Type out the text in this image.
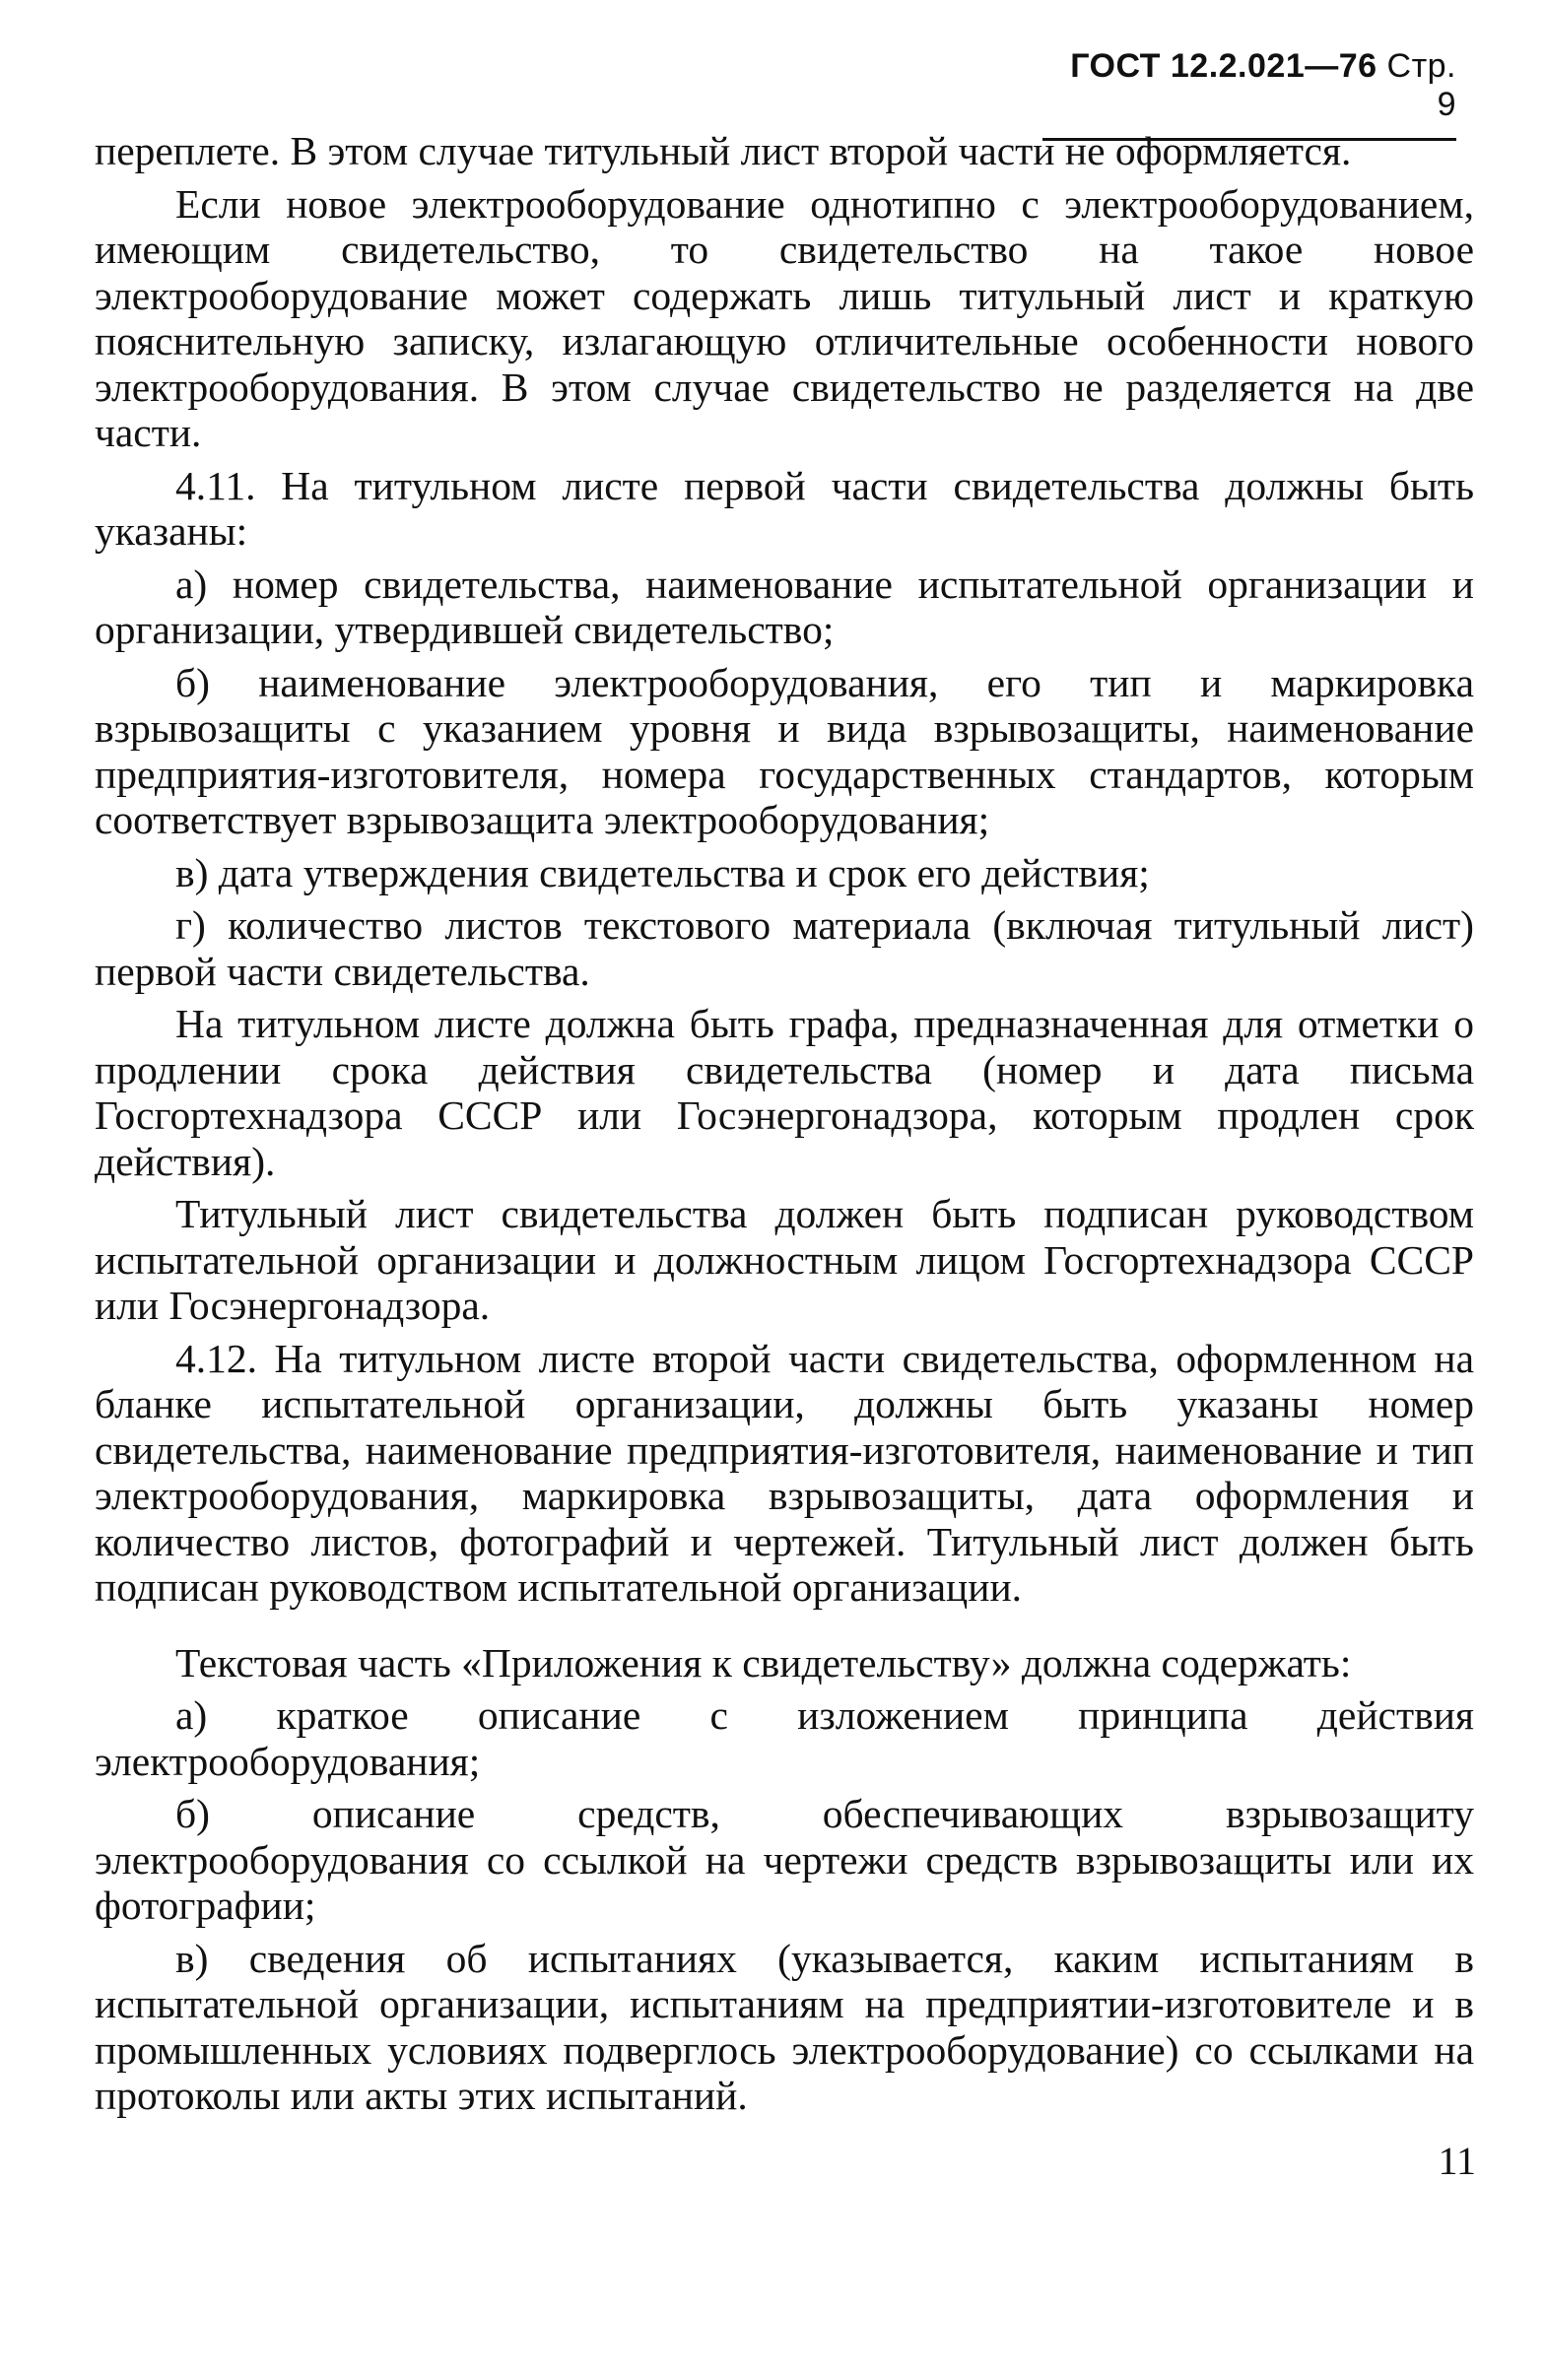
ГОСТ 12.2.021—76 Стр. 9

переплете. В этом случае титульный лист второй части не оформляется.

Если новое электрооборудование однотипно с электрооборудованием, имеющим свидетельство, то свидетельство на такое новое электрооборудование может содержать лишь титульный лист и краткую пояснительную записку, излагающую отличительные особенности нового электрооборудования. В этом случае свидетельство не разделяется на две части.

4.11. На титульном листе первой части свидетельства должны быть указаны:

а) номер свидетельства, наименование испытательной организации и организации, утвердившей свидетельство;

б) наименование электрооборудования, его тип и маркировка взрывозащиты с указанием уровня и вида взрывозащиты, наименование предприятия-изготовителя, номера государственных стандартов, которым соответствует взрывозащита электрооборудования;

в) дата утверждения свидетельства и срок его действия;

г) количество листов текстового материала (включая титульный лист) первой части свидетельства.

На титульном листе должна быть графа, предназначенная для отметки о продлении срока действия свидетельства (номер и дата письма Госгортехнадзора СССР или Госэнергонадзора, которым продлен срок действия).

Титульный лист свидетельства должен быть подписан руководством испытательной организации и должностным лицом Госгортехнадзора СССР или Госэнергонадзора.

4.12. На титульном листе второй части свидетельства, оформленном на бланке испытательной организации, должны быть указаны номер свидетельства, наименование предприятия-изготовителя, наименование и тип электрооборудования, маркировка взрывозащиты, дата оформления и количество листов, фотографий и чертежей. Титульный лист должен быть подписан руководством испытательной организации.

Текстовая часть «Приложения к свидетельству» должна содержать:

а) краткое описание с изложением принципа действия электрооборудования;

б) описание средств, обеспечивающих взрывозащиту электрооборудования со ссылкой на чертежи средств взрывозащиты или их фотографии;

в) сведения об испытаниях (указывается, каким испытаниям в испытательной организации, испытаниям на предприятии-изготовителе и в промышленных условиях подверглось электрооборудование) со ссылками на протоколы или акты этих испытаний.

11
